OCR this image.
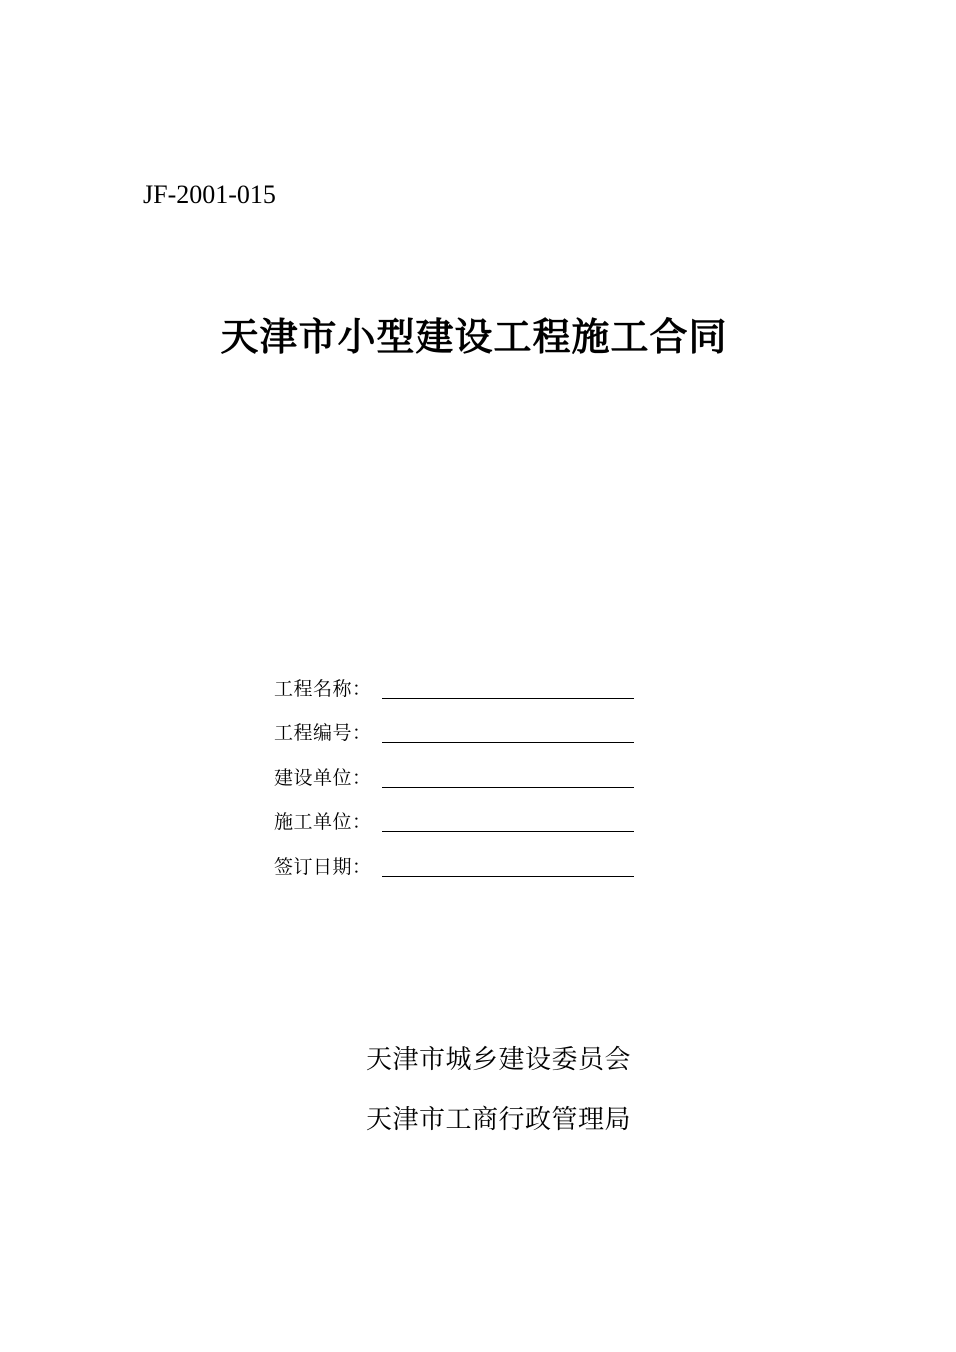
JF-2001-015
天津市小型建设工程施工合同
工程名称：
工程编号：
建设单位：
施工单位：
签订日期：
天津市城乡建设委员会
天津市工商行政管理局
